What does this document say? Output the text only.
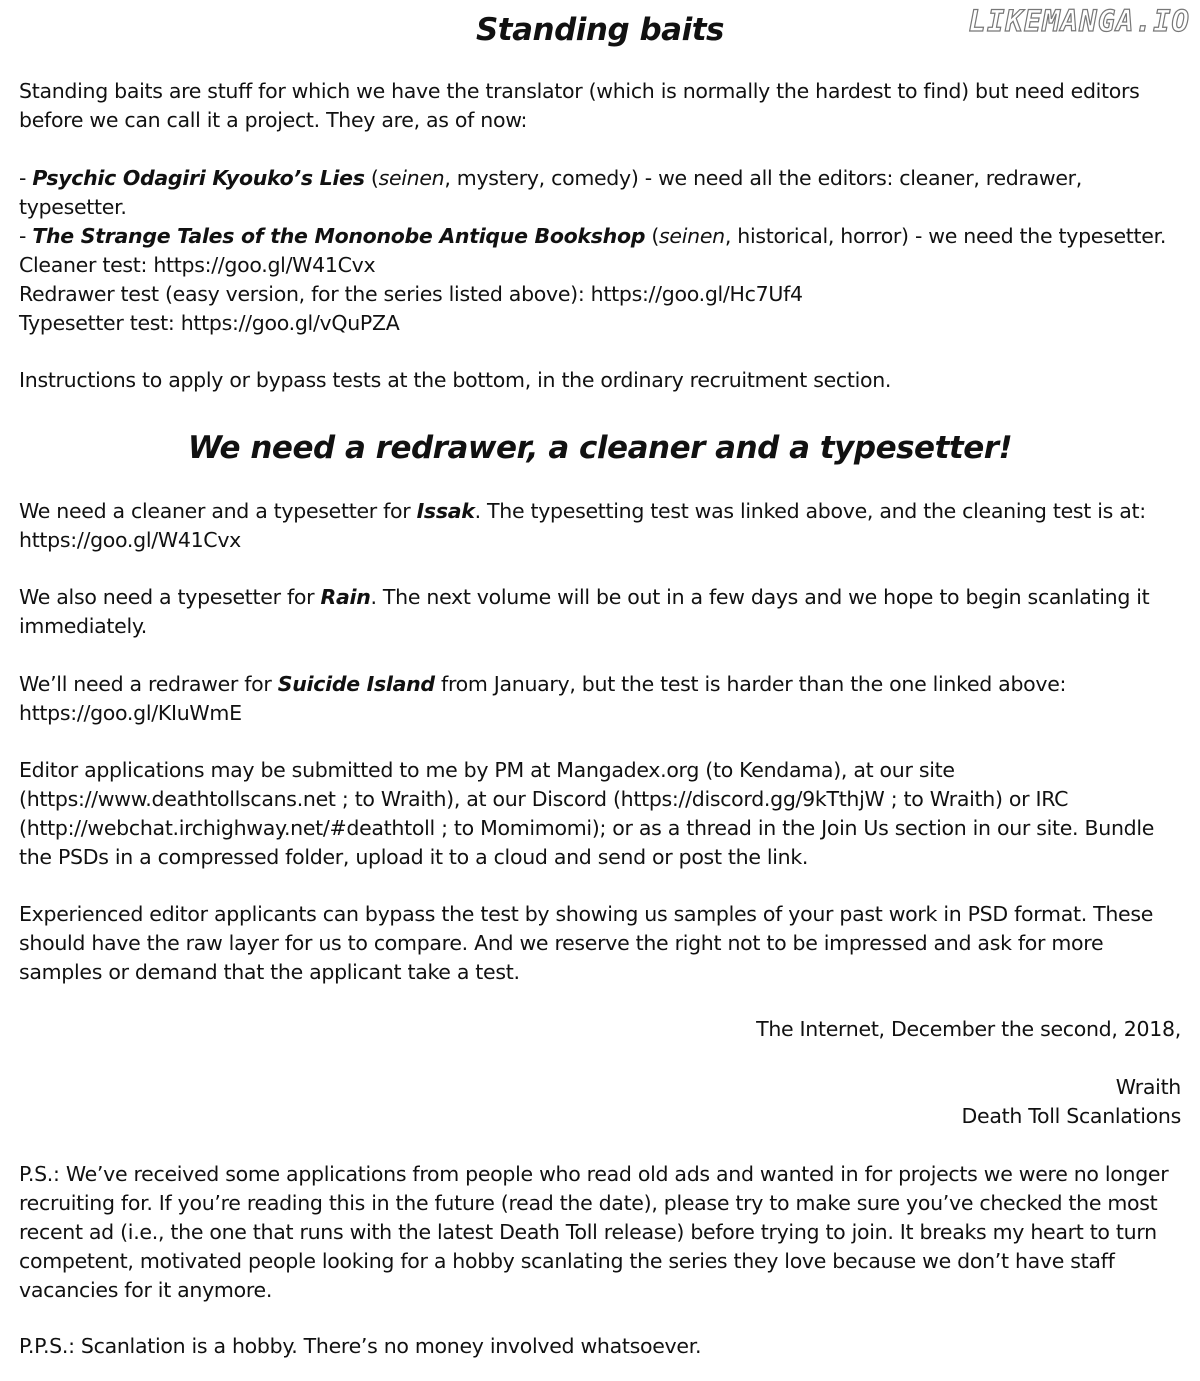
LIKEMANGA.IO
Standing baits

Standing baits are stuff for which we have the translator (which is normally the hardest to find) but need editors before we can call it a project. They are, as of now:

- Psychic Odagiri Kyouko’s Lies (seinen, mystery, comedy) - we need all the editors: cleaner, redrawer, typesetter.

- The Strange Tales of the Mononobe Antique Bookshop (seinen, historical, horror) - we need the typesetter.

Cleaner test: https://goo.gl/W41Cvx

Redrawer test (easy version, for the series listed above): https://goo.gl/Hc7Uf4

Typesetter test: https://goo.gl/vQuPZA

Instructions to apply or bypass tests at the bottom, in the ordinary recruitment section.

We need a redrawer, a cleaner and a typesetter!

We need a cleaner and a typesetter for Issak. The typesetting test was linked above, and the cleaning test is at: https://goo.gl/W41Cvx

We also need a typesetter for Rain. The next volume will be out in a few days and we hope to begin scanlating it immediately.

We’ll need a redrawer for Suicide Island from January, but the test is harder than the one linked above: https://goo.gl/KIuWmE

Editor applications may be submitted to me by PM at Mangadex.org (to Kendama), at our site (https://www.deathtollscans.net ; to Wraith), at our Discord (https://discord.gg/9kTthjW ; to Wraith) or IRC (http://webchat.irchighway.net/#deathtoll ; to Momimomi); or as a thread in the Join Us section in our site. Bundle the PSDs in a compressed folder, upload it to a cloud and send or post the link.

Experienced editor applicants can bypass the test by showing us samples of your past work in PSD format. These should have the raw layer for us to compare. And we reserve the right not to be impressed and ask for more samples or demand that the applicant take a test.

The Internet, December the second, 2018,

Wraith

Death Toll Scanlations

P.S.: We’ve received some applications from people who read old ads and wanted in for projects we were no longer recruiting for. If you’re reading this in the future (read the date), please try to make sure you’ve checked the most recent ad (i.e., the one that runs with the latest Death Toll release) before trying to join. It breaks my heart to turn competent, motivated people looking for a hobby scanlating the series they love because we don’t have staff vacancies for it anymore.

P.P.S.: Scanlation is a hobby. There’s no money involved whatsoever.
